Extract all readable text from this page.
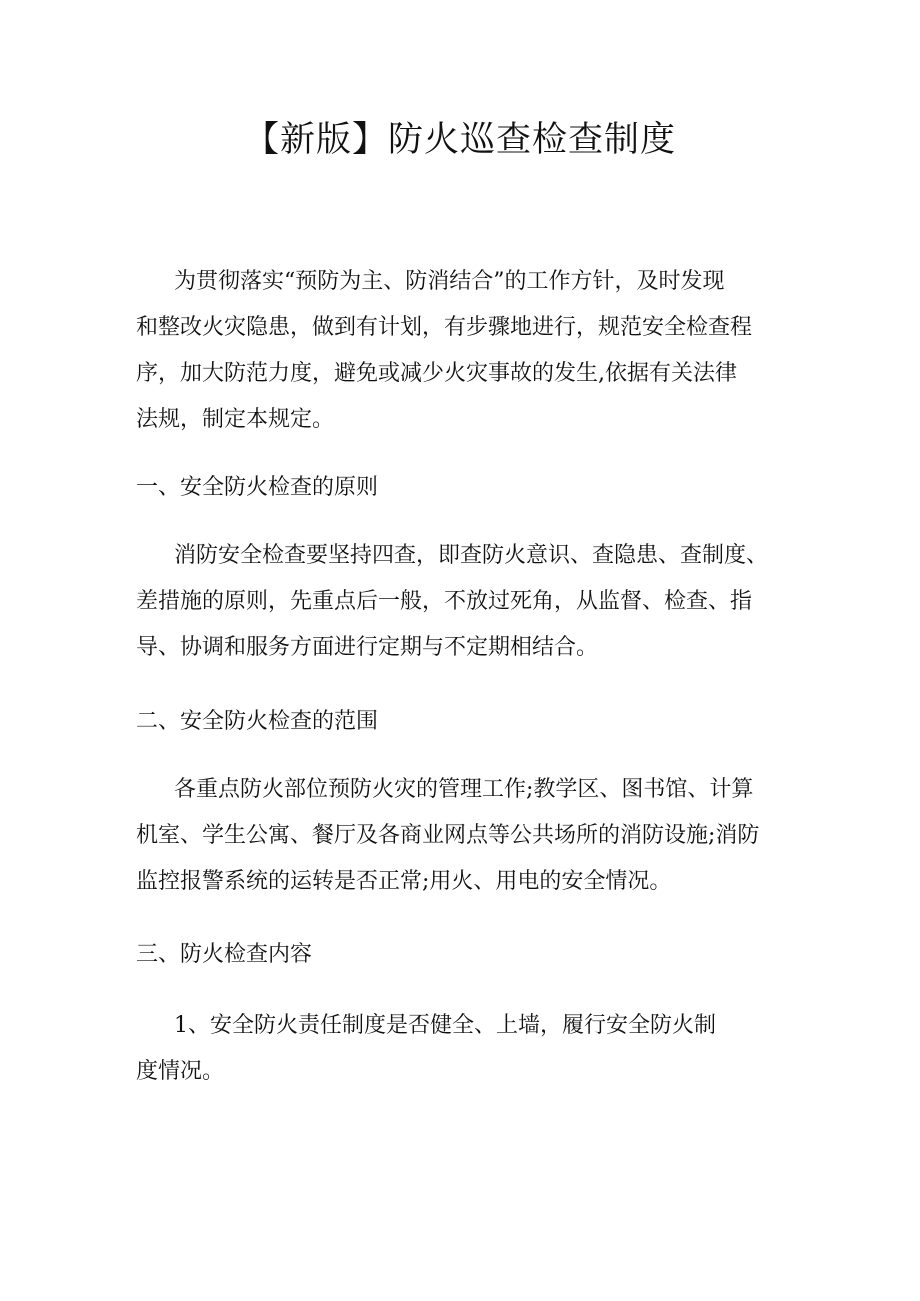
【新版】防火巡查检查制度
为贯彻落实“预防为主、防消结合”的工作方针，及时发现
和整改火灾隐患，做到有计划，有步骤地进行，规范安全检查程
序，加大防范力度，避免或减少火灾事故的发生,依据有关法律
法规，制定本规定。
一、安全防火检查的原则
消防安全检查要坚持四查，即查防火意识、查隐患、查制度、
差措施的原则，先重点后一般，不放过死角，从监督、检查、指
导、协调和服务方面进行定期与不定期相结合。
二、安全防火检查的范围
各重点防火部位预防火灾的管理工作;教学区、图书馆、计算
机室、学生公寓、餐厅及各商业网点等公共场所的消防设施;消防
监控报警系统的运转是否正常;用火、用电的安全情况。
三、防火检查内容
1、安全防火责任制度是否健全、上墙，履行安全防火制
度情况。
